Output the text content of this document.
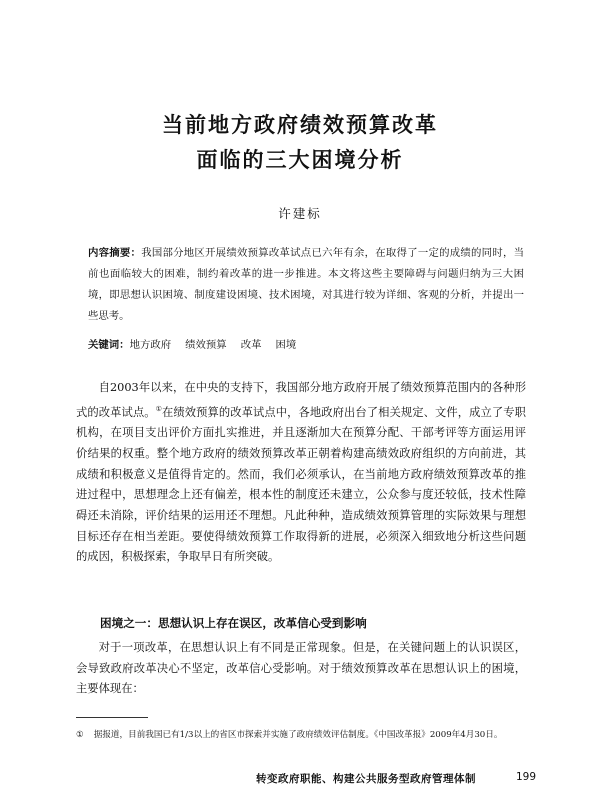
当前地方政府绩效预算改革
面临的三大困境分析
许建标
内容摘要：我国部分地区开展绩效预算改革试点已六年有余，在取得了一定的成绩的同时，当前也面临较大的困难，制约着改革的进一步推进。本文将这些主要障碍与问题归纳为三大困境，即思想认识困境、制度建设困境、技术困境，对其进行较为详细、客观的分析，并提出一些思考。
关键词：地方政府 绩效预算 改革 困境

自2003年以来，在中央的支持下，我国部分地方政府开展了绩效预算范围内的各种形式的改革试点。①在绩效预算的改革试点中，各地政府出台了相关规定、文件，成立了专职机构，在项目支出评价方面扎实推进，并且逐渐加大在预算分配、干部考评等方面运用评价结果的权重。整个地方政府的绩效预算改革正朝着构建高绩效政府组织的方向前进，其成绩和积极意义是值得肯定的。然而，我们必须承认，在当前地方政府绩效预算改革的推进过程中，思想理念上还有偏差，根本性的制度还未建立，公众参与度还较低，技术性障碍还未消除，评价结果的运用还不理想。凡此种种，造成绩效预算管理的实际效果与理想目标还存在相当差距。要使得绩效预算工作取得新的进展，必须深入细致地分析这些问题的成因，积极探索，争取早日有所突破。

困境之一：思想认识上存在误区，改革信心受到影响

对于一项改革，在思想认识上有不同是正常现象。但是，在关键问题上的认识误区，会导致政府改革决心不坚定，改革信心受影响。对于绩效预算改革在思想认识上的困境，主要体现在：

① 据报道，目前我国已有1/3以上的省区市探索并实施了政府绩效评估制度。《中国改革报》2009年4月30日。
转变政府职能、构建公共服务型政府管理体制	199
